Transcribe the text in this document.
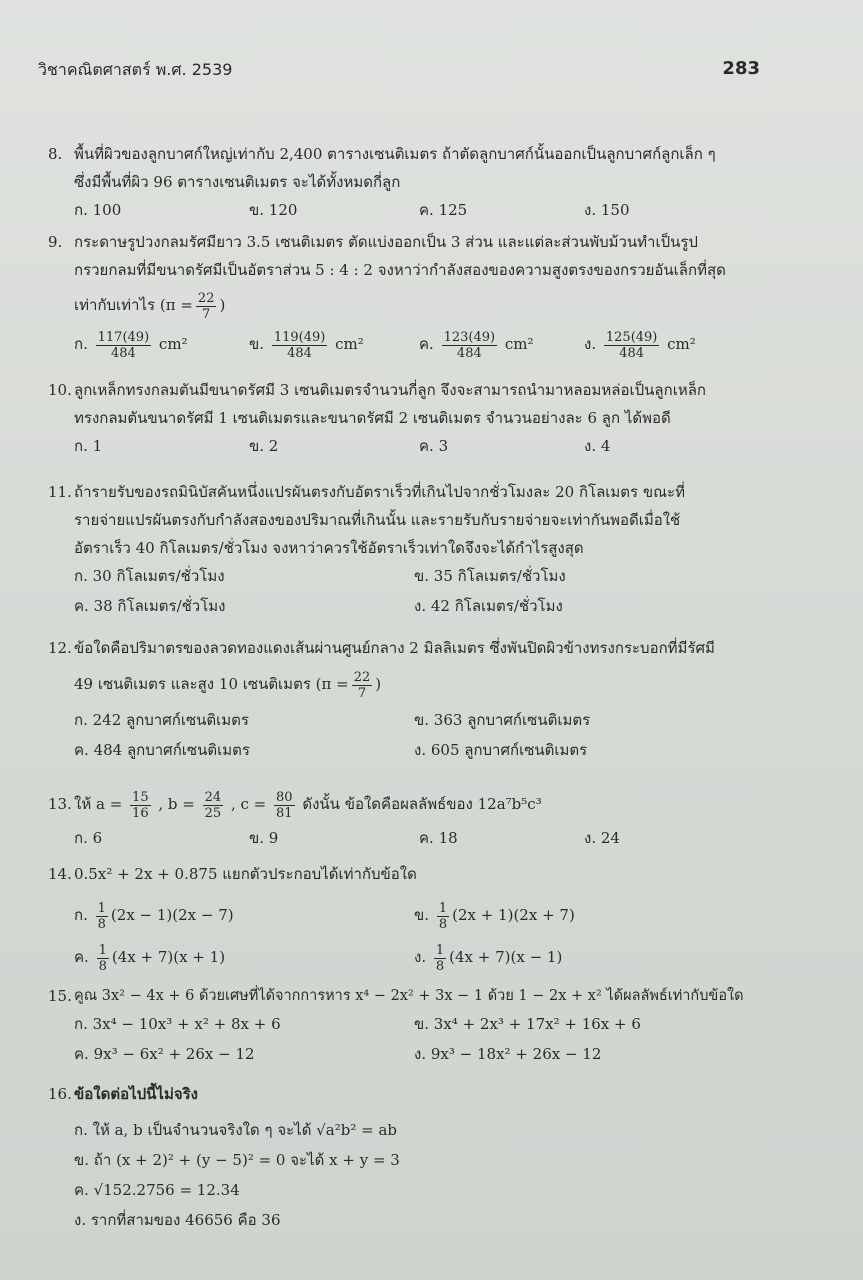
วิชาคณิตศาสตร์ พ.ศ. 2539	283
8. พื้นที่ผิวของลูกบาศก์ใหญ่เท่ากับ 2,400 ตารางเซนติเมตร ถ้าตัดลูกบาศก์นั้นออกเป็นลูกบาศก์ลูกเล็ก ๆ
ซึ่งมีพื้นที่ผิว 96 ตารางเซนติเมตร จะได้ทั้งหมดกี่ลูก
ก. 100	ข. 120	ค. 125	ง. 150
9. กระดาษรูปวงกลมรัศมียาว 3.5 เซนติเมตร ตัดแบ่งออกเป็น 3 ส่วน และแต่ละส่วนพับม้วนทำเป็นรูป
กรวยกลมที่มีขนาดรัศมีเป็นอัตราส่วน 5 : 4 : 2 จงหาว่ากำลังสองของความสูงตรงของกรวยอันเล็กที่สุด
เท่ากับเท่าไร ($\pi = \frac{22}{7}$ )
ก. $\frac{117(49)}{484} cm^2$	ข. $\frac{119(49)}{484} cm^2$	ค. $\frac{123(49)}{484} cm^2$	ง. $\frac{125(49)}{484} cm^2$
10. ลูกเหล็กทรงกลมตันมีขนาดรัศมี 3 เซนติเมตรจำนวนกี่ลูก จึงจะสามารถนำมาหลอมหล่อเป็นลูกเหล็ก
ทรงกลมตันขนาดรัศมี 1 เซนติเมตรและขนาดรัศมี 2 เซนติเมตร จำนวนอย่างละ 6 ลูก ได้พอดี
ก. 1	ข. 2	ค. 3	ง. 4
11. ถ้ารายรับของรถมินิบัสคันหนึ่งแปรผันตรงกับอัตราเร็วที่เกินไปจากชั่วโมงละ 20 กิโลเมตร ขณะที่
รายจ่ายแปรผันตรงกับกำลังสองของปริมาณที่เกินนั้น และรายรับกับรายจ่ายจะเท่ากันพอดีเมื่อใช้
อัตราเร็ว 40 กิโลเมตร/ชั่วโมง จงหาว่าควรใช้อัตราเร็วเท่าใดจึงจะได้กำไรสูงสุด
ก. 30 กิโลเมตร/ชั่วโมง	ข. 35 กิโลเมตร/ชั่วโมง
ค. 38 กิโลเมตร/ชั่วโมง	ง. 42 กิโลเมตร/ชั่วโมง
12. ข้อใดคือปริมาตรของลวดทองแดงเส้นผ่านศูนย์กลาง 2 มิลลิเมตร ซึ่งพันปิดผิวข้างทรงกระบอกที่มีรัศมี
49 เซนติเมตร และสูง 10 เซนติเมตร ($\pi = \frac{22}{7}$ )
ก. 242 ลูกบาศก์เซนติเมตร	ข. 363 ลูกบาศก์เซนติเมตร
ค. 484 ลูกบาศก์เซนติเมตร	ง. 605 ลูกบาศก์เซนติเมตร
13. ให้ $a = \frac{15}{16}$ , $b = \frac{24}{25}$ , $c = \frac{80}{81}$ ดังนั้น ข้อใดคือผลลัพธ์ของ 12a⁷b⁵c³
ก. 6	ข. 9	ค. 18	ง. 24
14. 0.5x² + 2x + 0.875 แยกตัวประกอบได้เท่ากับข้อใด
ก. $\frac{1}{8} (2x - 1)(2x - 7)$	ข. $\frac{1}{8} (2x + 1)(2x + 7)$
ค. $\frac{1}{8} (4x + 7)(x + 1)$	ง. $\frac{1}{8} (4x + 7)(x - 1)$
15. คูณ 3x² − 4x + 6 ด้วยเศษที่ได้จากการหาร x⁴ − 2x² + 3x − 1 ด้วย 1 − 2x + x² ได้ผลลัพธ์เท่ากับข้อใด
ก. 3x⁴ − 10x³ + x² + 8x + 6	ข. 3x⁴ + 2x³ + 17x² + 16x + 6
ค. 9x³ − 6x² + 26x − 12	ง. 9x³ − 18x² + 26x − 12
16. ข้อใดต่อไปนี้ไม่จริง
ก. ให้ a, b เป็นจำนวนจริงใด ๆ จะได้ √a²b² = ab
ข. ถ้า (x + 2)² + (y − 5)² = 0 จะได้ x + y = 3
ค. √152.2756 = 12.34
ง. รากที่สามของ 46656 คือ 36
